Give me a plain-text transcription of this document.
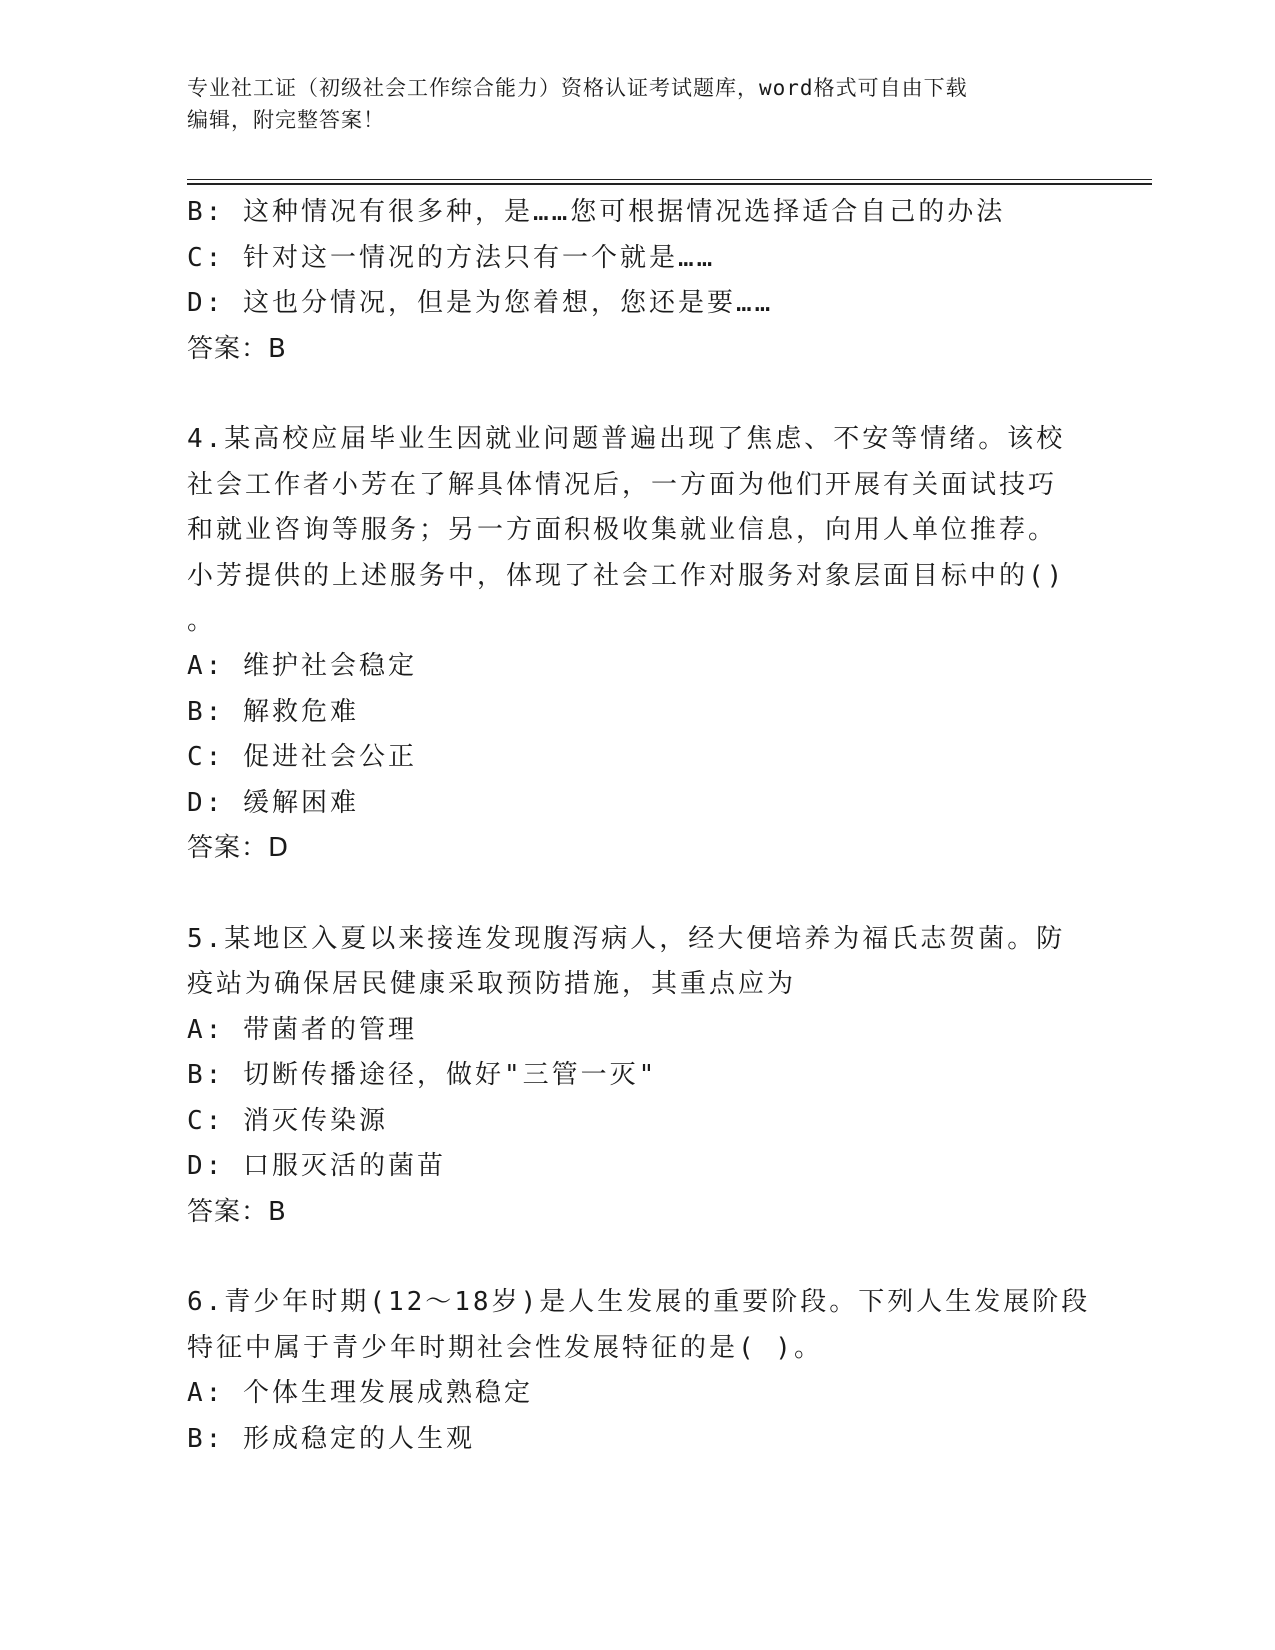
专业社工证（初级社会工作综合能力）资格认证考试题库，word格式可自由下载
编辑，附完整答案！
B: 这种情况有很多种，是……您可根据情况选择适合自己的办法
C: 针对这一情况的方法只有一个就是……
D: 这也分情况，但是为您着想，您还是要……
答案：B
4.某高校应届毕业生因就业问题普遍出现了焦虑、不安等情绪。该校
社会工作者小芳在了解具体情况后，一方面为他们开展有关面试技巧
和就业咨询等服务；另一方面积极收集就业信息，向用人单位推荐。
小芳提供的上述服务中，体现了社会工作对服务对象层面目标中的()
。
A: 维护社会稳定
B: 解救危难
C: 促进社会公正
D: 缓解困难
答案：D
5.某地区入夏以来接连发现腹泻病人，经大便培养为福氏志贺菌。防
疫站为确保居民健康采取预防措施，其重点应为
A: 带菌者的管理
B: 切断传播途径，做好"三管一灭"
C: 消灭传染源
D: 口服灭活的菌苗
答案：B
6.青少年时期(12～18岁)是人生发展的重要阶段。下列人生发展阶段
特征中属于青少年时期社会性发展特征的是( )。
A: 个体生理发展成熟稳定
B: 形成稳定的人生观
